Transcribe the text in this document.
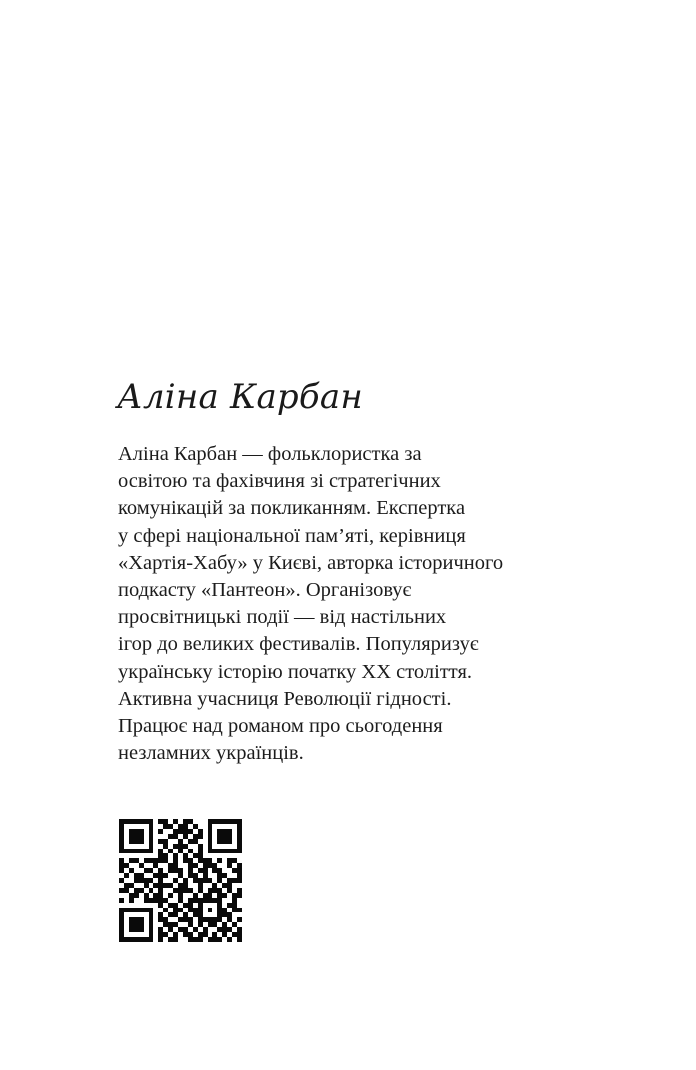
Аліна Карбан

Аліна Карбан — фольклористка за
освітою та фахівчиня зі стратегічних
комунікацій за покликанням. Експертка
у сфері національної пам’яті, керівниця
«Хартія-Хабу» у Києві, авторка історичного
подкасту «Пантеон». Організовує
просвітницькі події — від настільних
ігор до великих фестивалів. Популяризує
українську історію початку XX століття.
Активна учасниця Революції гідності.
Працює над романом про сьогодення
незламних українців.
